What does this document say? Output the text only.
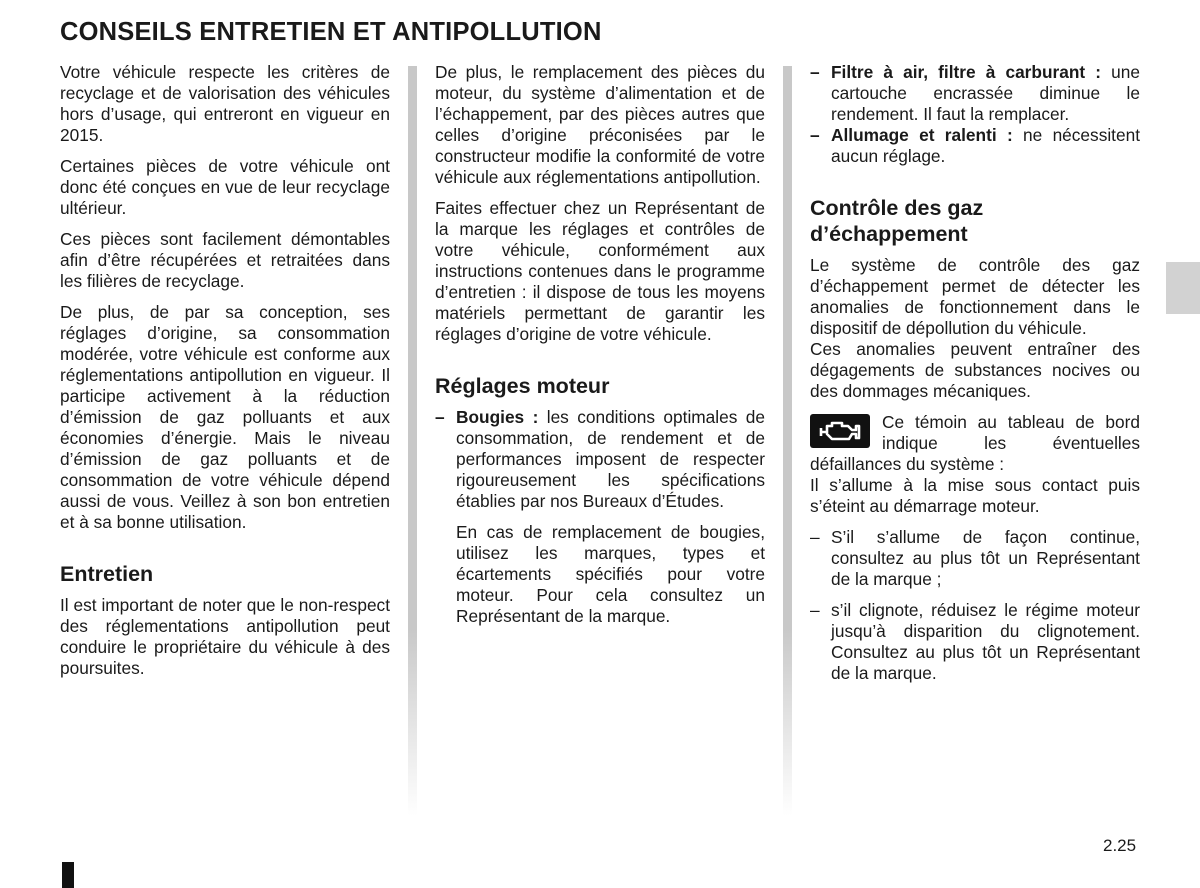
CONSEILS ENTRETIEN ET ANTIPOLLUTION

Votre véhicule respecte les critères de recyclage et de valorisation des véhicules hors d’usage, qui entreront en vigueur en 2015.

Certaines pièces de votre véhicule ont donc été conçues en vue de leur recyclage ultérieur.

Ces pièces sont facilement démontables afin d’être récupérées et retraitées dans les filières de recyclage.

De plus, de par sa conception, ses réglages d’origine, sa consommation modérée, votre véhicule est conforme aux réglementations antipollution en vigueur. Il participe activement à la réduction d’émission de gaz polluants et aux économies d’énergie. Mais le niveau d’émission de gaz polluants et de consommation de votre véhicule dépend aussi de vous. Veillez à son bon entretien et à sa bonne utilisation.

Entretien

Il est important de noter que le non-respect des réglementations antipollution peut conduire le propriétaire du véhicule à des poursuites.

De plus, le remplacement des pièces du moteur, du système d’alimentation et de l’échappement, par des pièces autres que celles d’origine préconisées par le constructeur modifie la conformité de votre véhicule aux réglementations antipollution.

Faites effectuer chez un Représentant de la marque les réglages et contrôles de votre véhicule, conformément aux instructions contenues dans le programme d’entretien : il dispose de tous les moyens matériels permettant de garantir les réglages d’origine de votre véhicule.

Réglages moteur
– Bougies : les conditions optimales de consommation, de rendement et de performances imposent de respecter rigoureusement les spécifications établies par nos Bureaux d’Études.

En cas de remplacement de bougies, utilisez les marques, types et écartements spécifiés pour votre moteur. Pour cela consultez un Représentant de la marque.

– Filtre à air, filtre à carburant : une cartouche encrassée diminue le rendement. Il faut la remplacer.
– Allumage et ralenti : ne nécessitent aucun réglage.
Contrôle des gaz d’échappement

Le système de contrôle des gaz d’échappement permet de détecter les anomalies de fonctionnement dans le dispositif de dépollution du véhicule.

Ces anomalies peuvent entraîner des dégagements de substances nocives ou des dommages mécaniques.

Ce témoin au tableau de bord indique les éventuelles

défaillances du système :

Il s’allume à la mise sous contact puis s’éteint au démarrage moteur.

– S’il s’allume de façon continue, consultez au plus tôt un Représentant de la marque ;
– s’il clignote, réduisez le régime moteur jusqu’à disparition du clignotement. Consultez au plus tôt un Représentant de la marque.
2.25
